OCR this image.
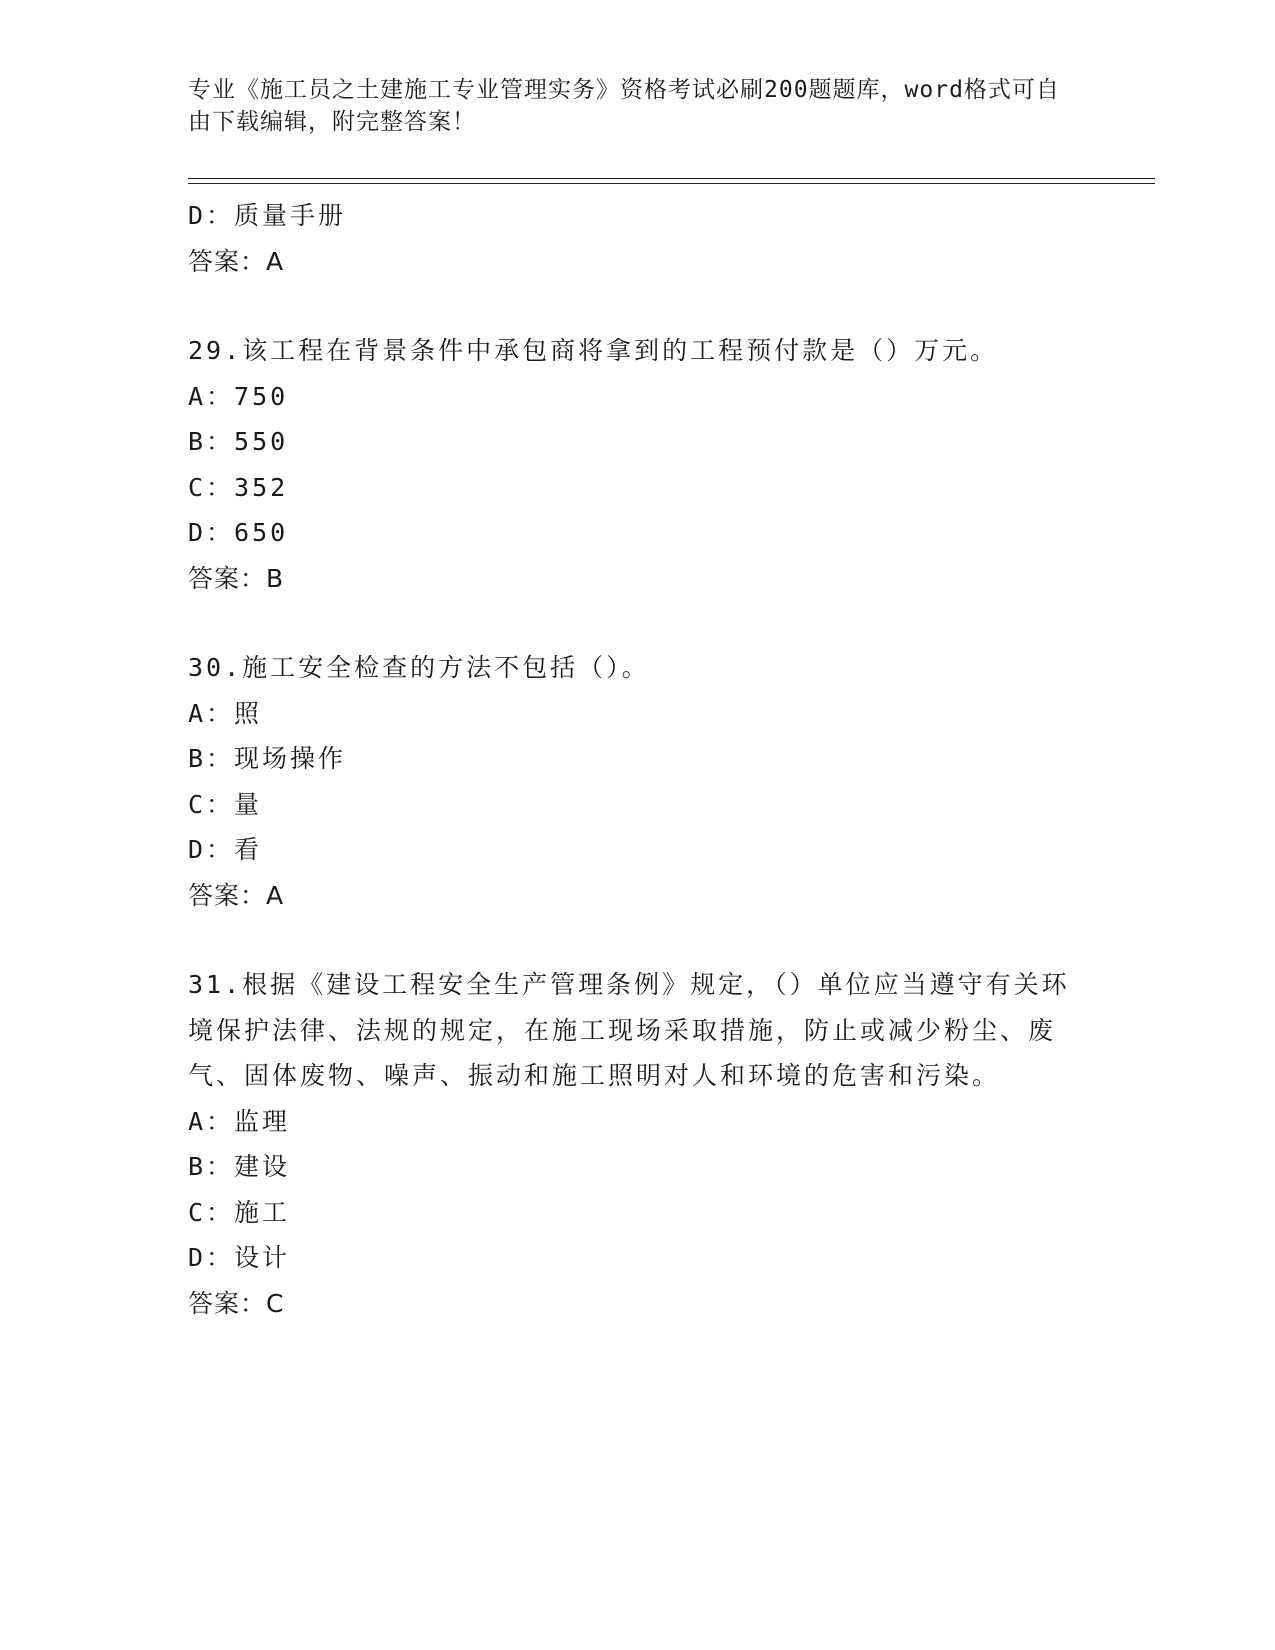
专业《施工员之土建施工专业管理实务》资格考试必刷200题题库，word格式可自由下载编辑，附完整答案！
D：质量手册
答案：A
29.该工程在背景条件中承包商将拿到的工程预付款是（）万元。
A：750
B：550
C：352
D：650
答案：B
30.施工安全检查的方法不包括（）。
A：照
B：现场操作
C：量
D：看
答案：A
31.根据《建设工程安全生产管理条例》规定，（）单位应当遵守有关环境保护法律、法规的规定，在施工现场采取措施，防止或减少粉尘、废气、固体废物、噪声、振动和施工照明对人和环境的危害和污染。
A：监理
B：建设
C：施工
D：设计
答案：C
